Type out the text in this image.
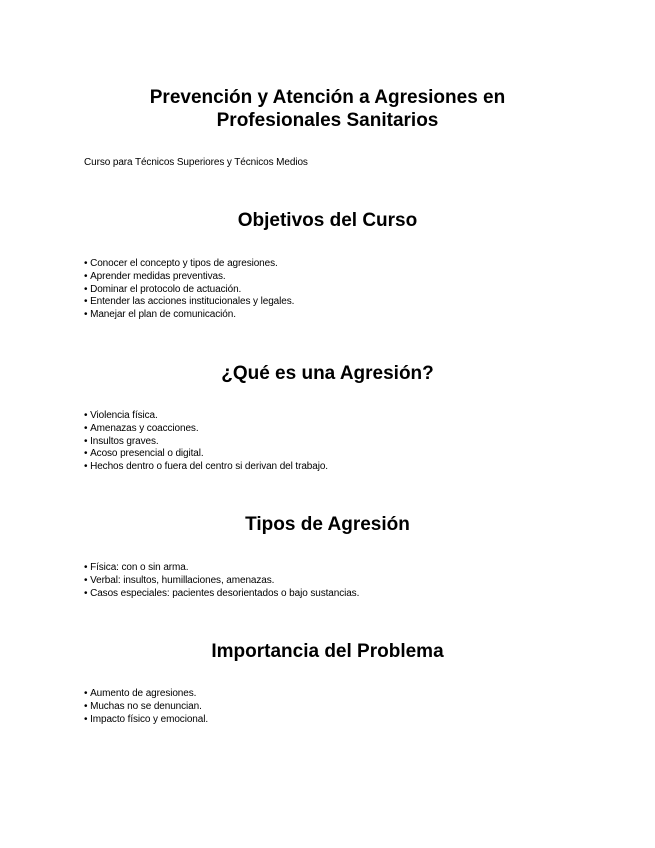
Prevención y Atención a Agresiones en
Profesionales Sanitarios

Curso para Técnicos Superiores y Técnicos Medios

Objetivos del Curso
• Conocer el concepto y tipos de agresiones.
• Aprender medidas preventivas.
• Dominar el protocolo de actuación.
• Entender las acciones institucionales y legales.
• Manejar el plan de comunicación.
¿Qué es una Agresión?
• Violencia física.
• Amenazas y coacciones.
• Insultos graves.
• Acoso presencial o digital.
• Hechos dentro o fuera del centro si derivan del trabajo.
Tipos de Agresión
• Física: con o sin arma.
• Verbal: insultos, humillaciones, amenazas.
• Casos especiales: pacientes desorientados o bajo sustancias.
Importancia del Problema
• Aumento de agresiones.
• Muchas no se denuncian.
• Impacto físico y emocional.
